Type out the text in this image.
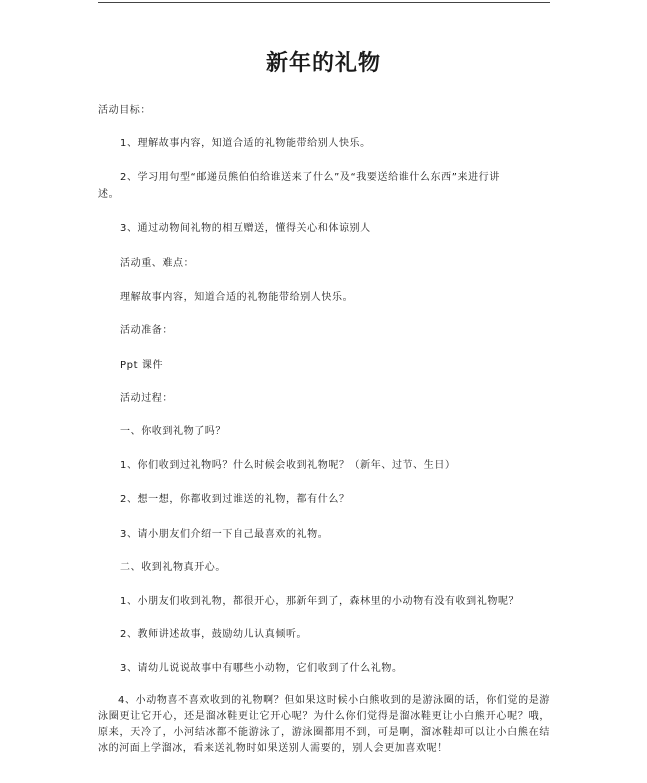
新年的礼物
活动目标：
1、理解故事内容，知道合适的礼物能带给别人快乐。
2、学习用句型“邮递员熊伯伯给谁送来了什么”及“我要送给谁什么东西”来进行讲
述。
3、通过动物间礼物的相互赠送，懂得关心和体谅别人
活动重、难点：
理解故事内容，知道合适的礼物能带给别人快乐。
活动准备：
Ppt 课件
活动过程：
一、你收到礼物了吗？
1、你们收到过礼物吗？什么时候会收到礼物呢？（新年、过节、生日）
2、想一想，你都收到过谁送的礼物，都有什么？
3、请小朋友们介绍一下自己最喜欢的礼物。
二、收到礼物真开心。
1、小朋友们收到礼物，都很开心，那新年到了，森林里的小动物有没有收到礼物呢？
2、教师讲述故事，鼓励幼儿认真倾听。
3、请幼儿说说故事中有哪些小动物，它们收到了什么礼物。
4、小动物喜不喜欢收到的礼物啊？但如果这时候小白熊收到的是游泳圈的话，你们觉的是游泳圈更让它开心，还是溜冰鞋更让它开心呢？为什么你们觉得是溜冰鞋更让小白熊开心呢？哦，原来，天冷了，小河结冰都不能游泳了，游泳圈都用不到，可是啊，溜冰鞋却可以让小白熊在结冰的河面上学溜冰，看来送礼物时如果送别人需要的，别人会更加喜欢呢！
